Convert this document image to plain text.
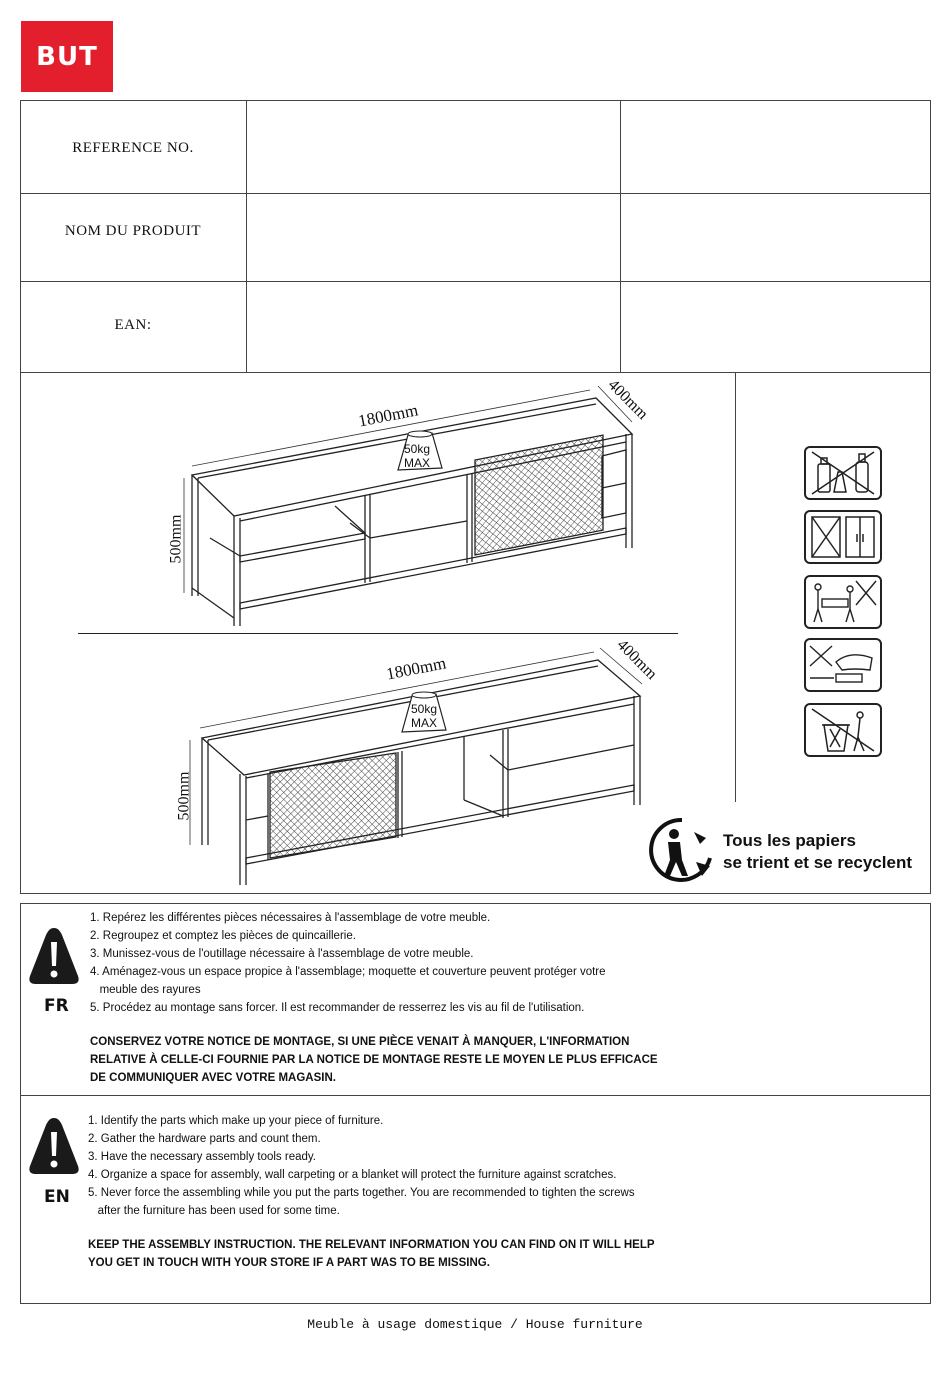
BUT
REFERENCE NO.
NOM DU PRODUIT
EAN:
1800mm	400mm
500mm
50kg
MAX
1800mm	400mm
500mm
50kg
MAX
Tous les papiers
se trient et se recyclent
FR
1. Repérez les différentes pièces nécessaires à l'assemblage de votre meuble.
2. Regroupez et comptez les pièces de quincaillerie.
3. Munissez-vous de l'outillage nécessaire à l'assemblage de votre meuble.
4. Aménagez-vous un espace propice à l'assemblage; moquette et couverture peuvent protéger votre
meuble des rayures
5. Procédez au montage sans forcer. Il est recommander de resserrez les vis au fil de l'utilisation.
CONSERVEZ VOTRE NOTICE DE MONTAGE, SI UNE PIÈCE VENAIT À MANQUER, L'INFORMATION
RELATIVE À CELLE-CI FOURNIE PAR LA NOTICE DE MONTAGE RESTE LE MOYEN LE PLUS EFFICACE
DE COMMUNIQUER AVEC VOTRE MAGASIN.
EN
1. Identify the parts which make up your piece of furniture.
2. Gather the hardware parts and count them.
3. Have the necessary assembly tools ready.
4. Organize a space for assembly, wall carpeting or a blanket will protect the furniture against scratches.
5. Never force the assembling while you put the parts together. You are recommended to tighten the screws
after the furniture has been used for some time.
KEEP THE ASSEMBLY INSTRUCTION. THE RELEVANT INFORMATION YOU CAN FIND ON IT WILL HELP
YOU GET IN TOUCH WITH YOUR STORE IF A PART WAS TO BE MISSING.
Meuble à usage domestique / House furniture
